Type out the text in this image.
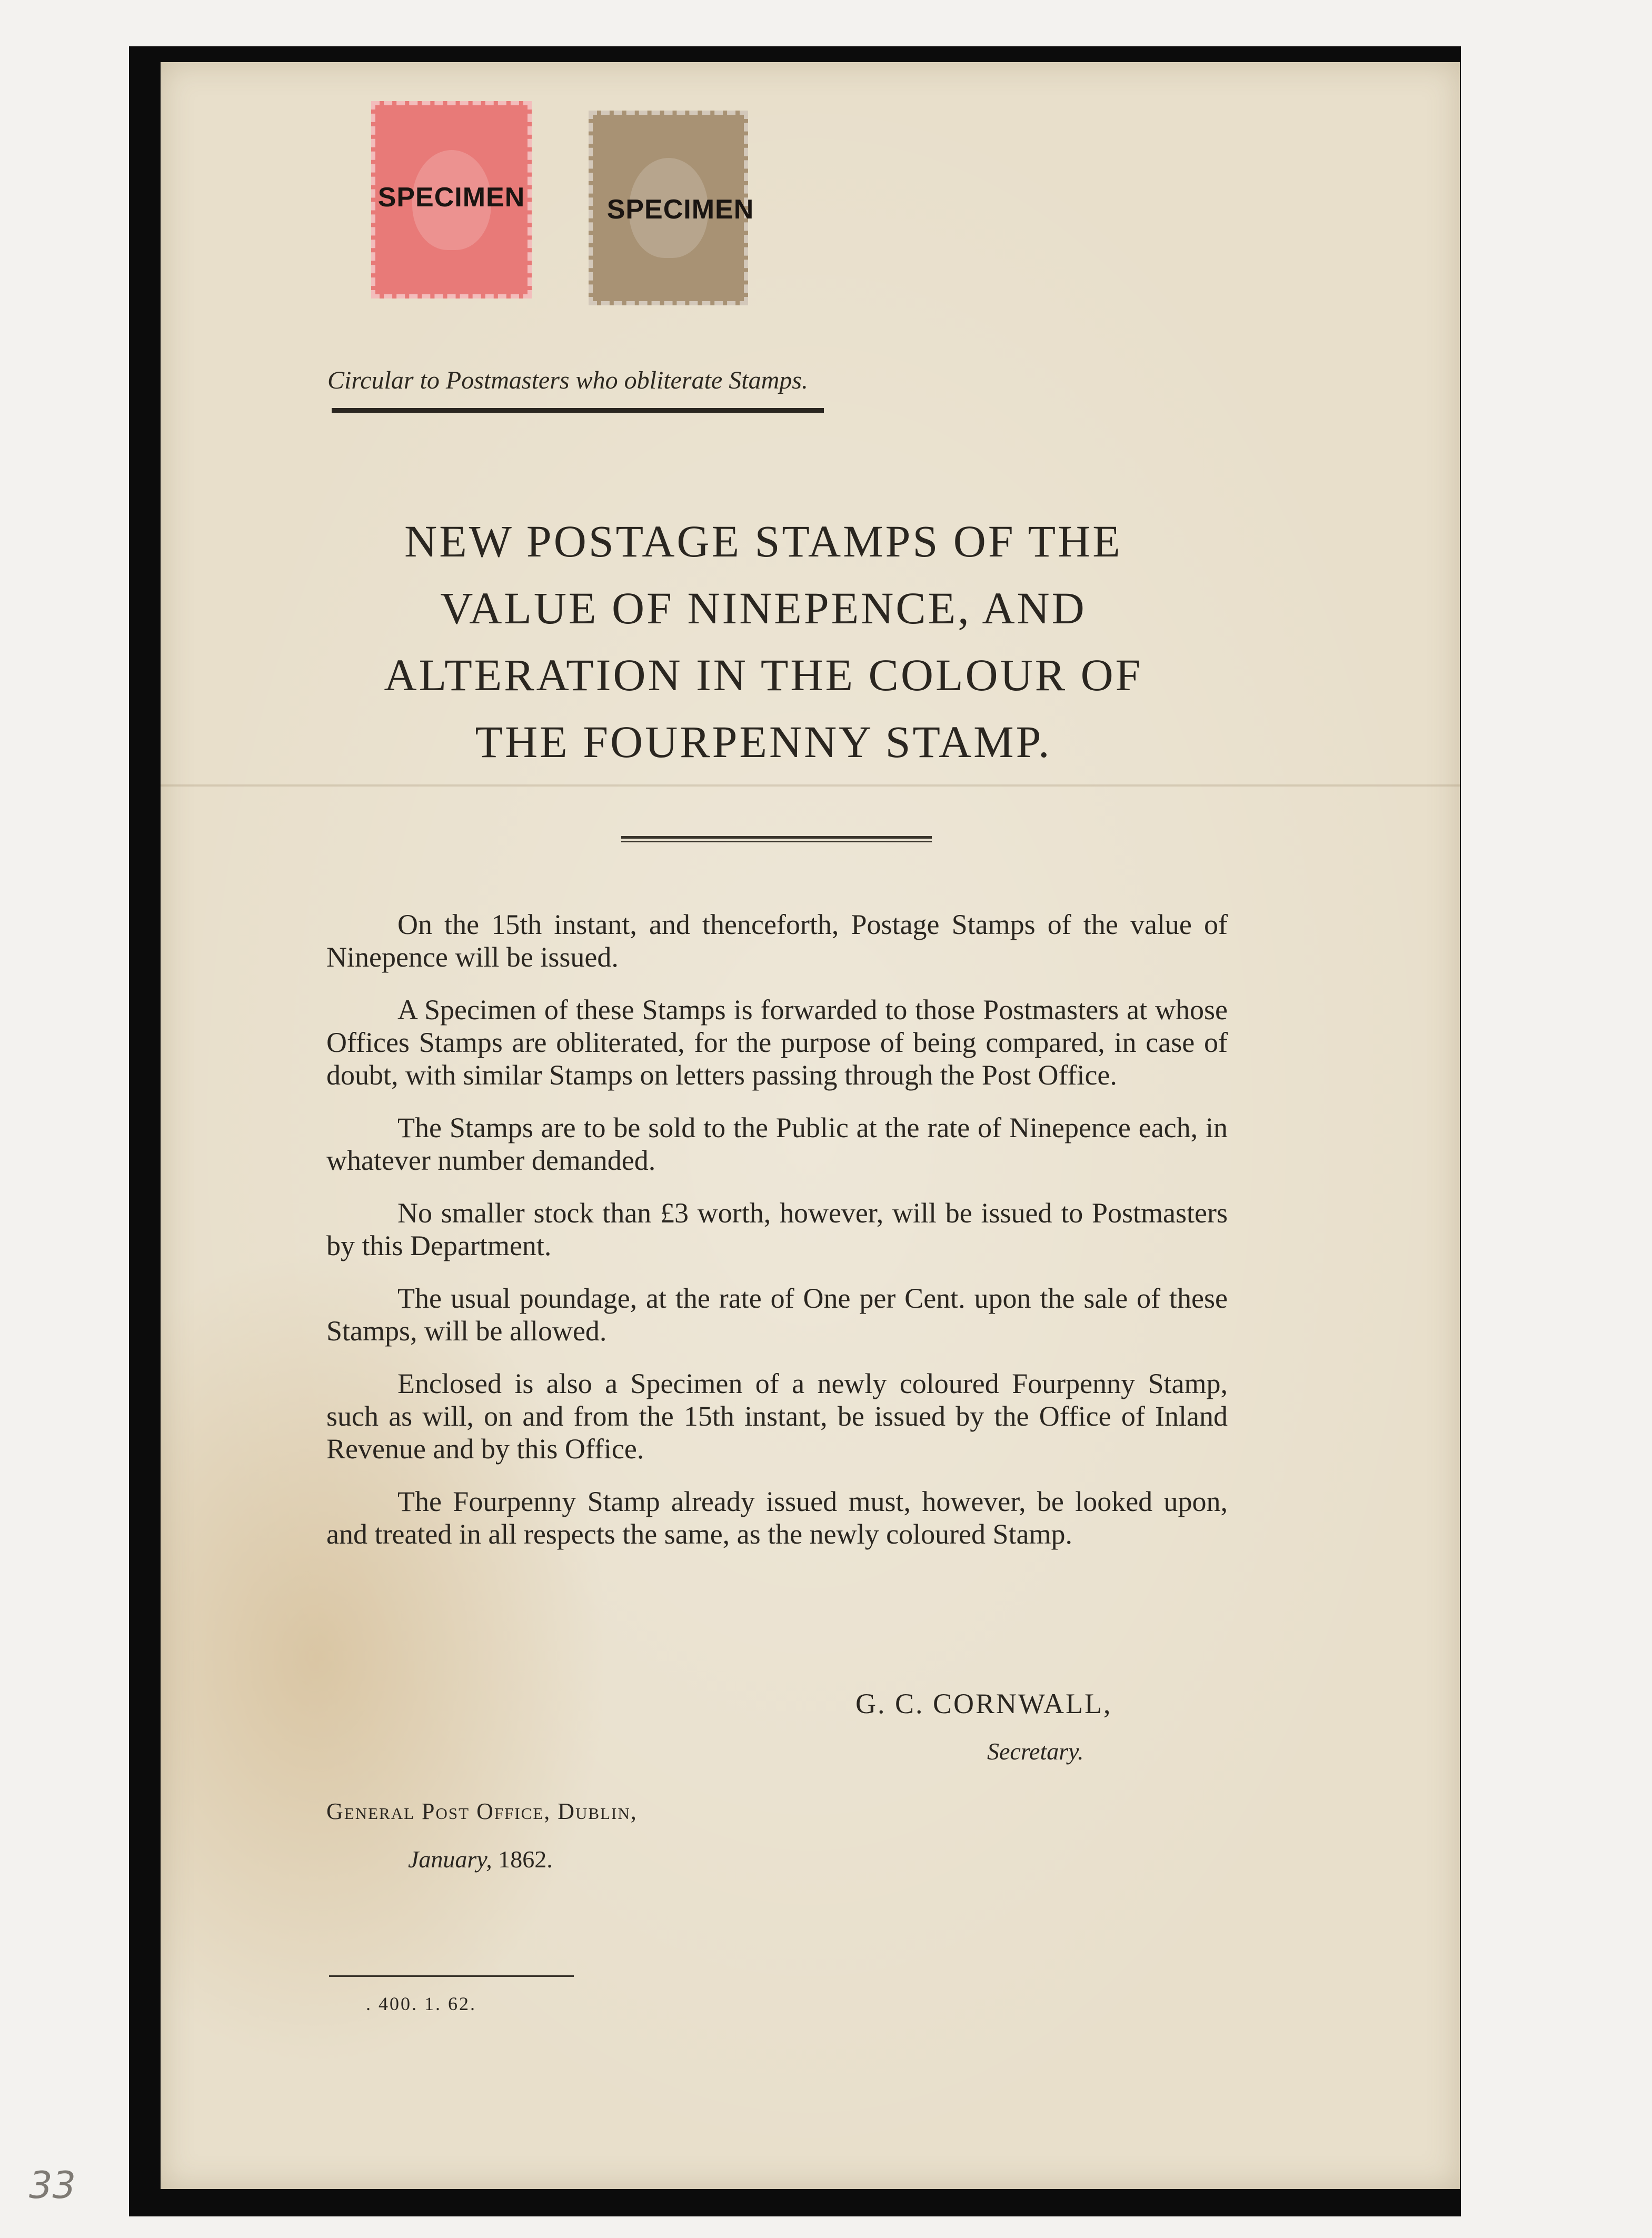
SPECIMEN	SPECIMEN
Circular to Postmasters who obliterate Stamps.
NEW POSTAGE STAMPS OF THE
VALUE OF NINEPENCE, AND
ALTERATION IN THE COLOUR OF
THE FOURPENNY STAMP.

On the 15th instant, and thenceforth, Postage Stamps of the value of Ninepence will be issued.

A Specimen of these Stamps is forwarded to those Postmasters at whose Offices Stamps are obliterated, for the purpose of being compared, in case of doubt, with similar Stamps on letters passing through the Post Office.

The Stamps are to be sold to the Public at the rate of Ninepence each, in whatever number demanded.

No smaller stock than £3 worth, however, will be issued to Postmasters by this Department.

The usual poundage, at the rate of One per Cent. upon the sale of these Stamps, will be allowed.

Enclosed is also a Specimen of a newly coloured Fourpenny Stamp, such as will, on and from the 15th instant, be issued by the Office of Inland Revenue and by this Office.

The Fourpenny Stamp already issued must, however, be looked upon, and treated in all respects the same, as the newly coloured Stamp.

G. C. CORNWALL,
Secretary.
General Post Office, Dublin,
January, 1862.
. 400. 1. 62.
33
